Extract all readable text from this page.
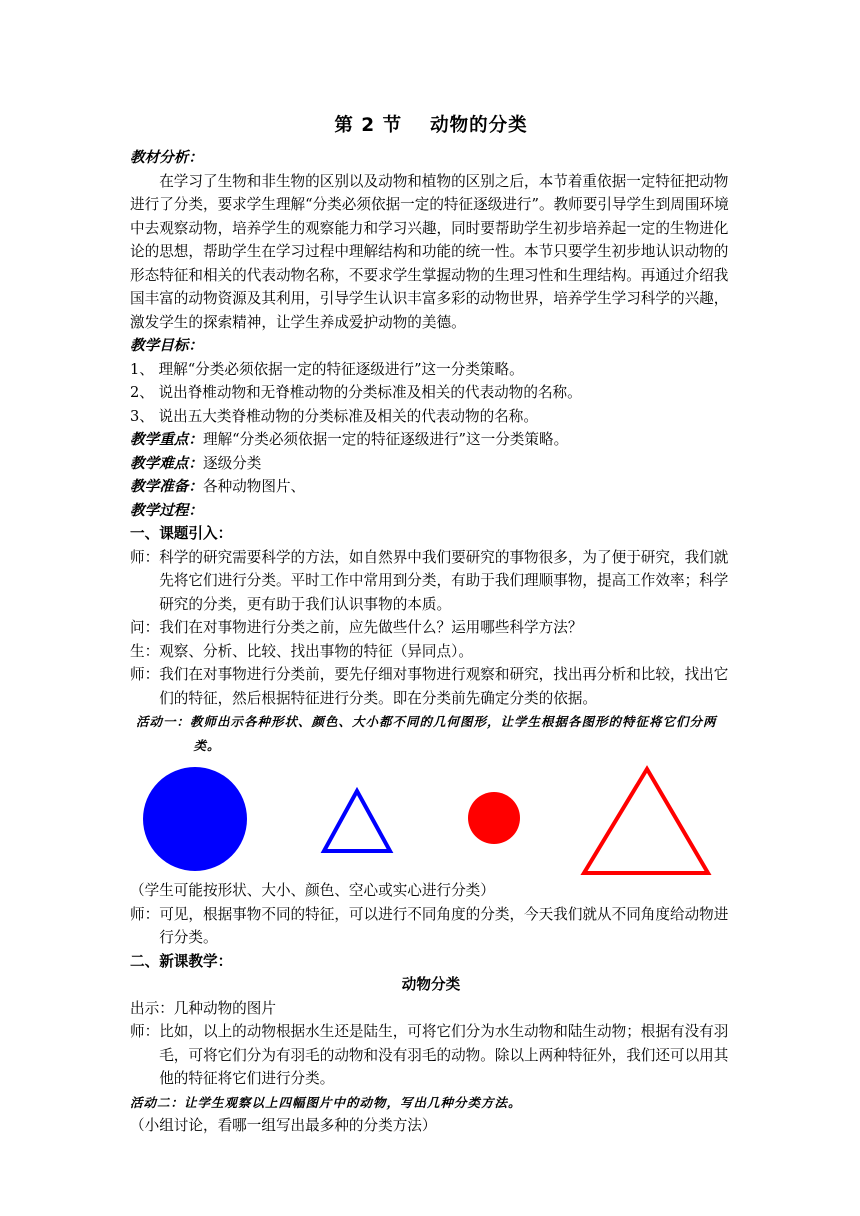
第 2 节 动物的分类

教材分析：

在学习了生物和非生物的区别以及动物和植物的区别之后，本节着重依据一定特征把动物进行了分类，要求学生理解“分类必须依据一定的特征逐级进行”。教师要引导学生到周围环境中去观察动物，培养学生的观察能力和学习兴趣，同时要帮助学生初步培养起一定的生物进化论的思想，帮助学生在学习过程中理解结构和功能的统一性。本节只要学生初步地认识动物的形态特征和相关的代表动物名称，不要求学生掌握动物的生理习性和生理结构。再通过介绍我国丰富的动物资源及其利用，引导学生认识丰富多彩的动物世界，培养学生学习科学的兴趣，激发学生的探索精神，让学生养成爱护动物的美德。

教学目标：

1、 理解“分类必须依据一定的特征逐级进行”这一分类策略。

2、 说出脊椎动物和无脊椎动物的分类标准及相关的代表动物的名称。

3、 说出五大类脊椎动物的分类标准及相关的代表动物的名称。

教学重点：理解“分类必须依据一定的特征逐级进行”这一分类策略。

教学难点：逐级分类

教学准备：各种动物图片、

教学过程：

一、课题引入：

师：科学的研究需要科学的方法，如自然界中我们要研究的事物很多，为了便于研究，我们就先将它们进行分类。平时工作中常用到分类，有助于我们理顺事物，提高工作效率；科学研究的分类，更有助于我们认识事物的本质。

问：我们在对事物进行分类之前，应先做些什么？运用哪些科学方法？

生：观察、分析、比较、找出事物的特征（异同点）。

师：我们在对事物进行分类前，要先仔细对事物进行观察和研究，找出再分析和比较，找出它们的特征，然后根据特征进行分类。即在分类前先确定分类的依据。

活动一：教师出示各种形状、颜色、大小都不同的几何图形，让学生根据各图形的特征将它们分两类。

（学生可能按形状、大小、颜色、空心或实心进行分类）

师：可见，根据事物不同的特征，可以进行不同角度的分类，今天我们就从不同角度给动物进行分类。

二、新课教学：

动物分类

出示：几种动物的图片

师：比如，以上的动物根据水生还是陆生，可将它们分为水生动物和陆生动物；根据有没有羽毛，可将它们分为有羽毛的动物和没有羽毛的动物。除以上两种特征外，我们还可以用其他的特征将它们进行分类。

活动二：让学生观察以上四幅图片中的动物，写出几种分类方法。

（小组讨论，看哪一组写出最多种的分类方法）
